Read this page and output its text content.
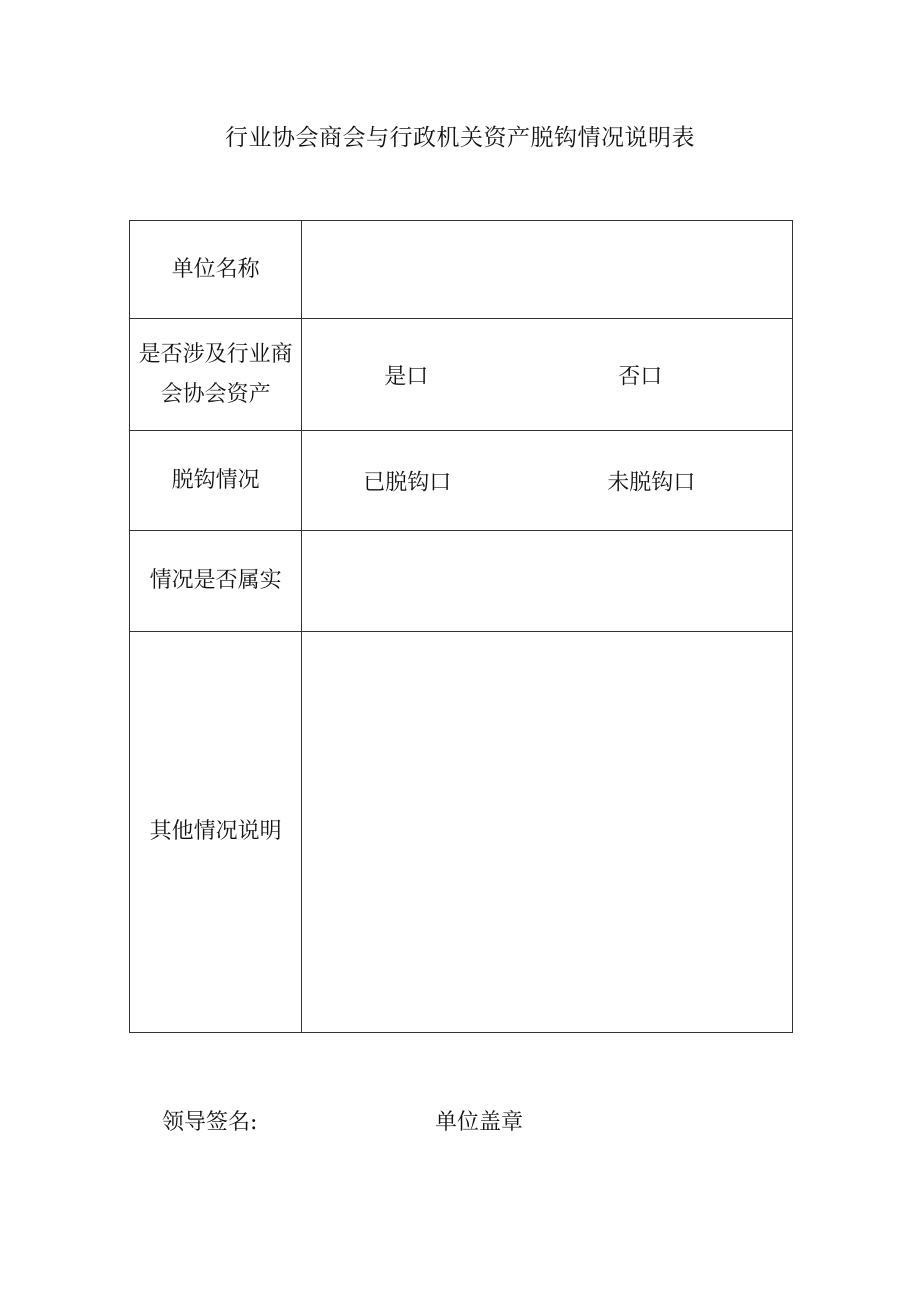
行业协会商会与行政机关资产脱钩情况说明表
单位名称	

是否涉及行业商
会协会资产	是口 否口

脱钩情况	已脱钩口 未脱钩口

情况是否属实	

其他情况说明	

领导签名:	单位盖章
